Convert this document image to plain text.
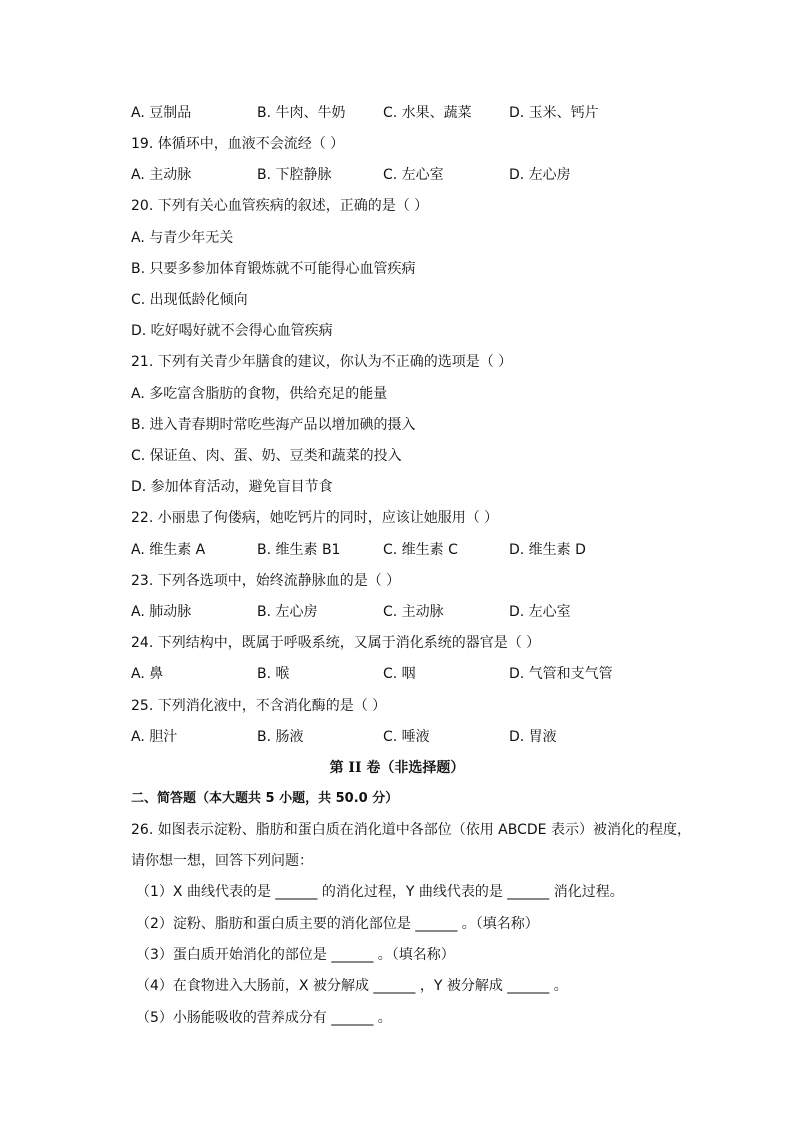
A. 豆制品	B. 牛肉、牛奶	C. 水果、蔬菜	D. 玉米、钙片
19. 体循环中，血液不会流经（ ）
A. 主动脉	B. 下腔静脉	C. 左心室	D. 左心房
20. 下列有关心血管疾病的叙述，正确的是（ ）
A. 与青少年无关
B. 只要多参加体育锻炼就不可能得心血管疾病
C. 出现低龄化倾向
D. 吃好喝好就不会得心血管疾病
21. 下列有关青少年膳食的建议，你认为不正确的选项是（ ）
A. 多吃富含脂肪的食物，供给充足的能量
B. 进入青春期时常吃些海产品以增加碘的摄入
C. 保证鱼、肉、蛋、奶、豆类和蔬菜的投入
D. 参加体育活动，避免盲目节食
22. 小丽患了佝偻病，她吃钙片的同时，应该让她服用（ ）
A. 维生素 A	B. 维生素 B1	C. 维生素 C	D. 维生素 D
23. 下列各选项中，始终流静脉血的是（ ）
A. 肺动脉	B. 左心房	C. 主动脉	D. 左心室
24. 下列结构中，既属于呼吸系统，又属于消化系统的器官是（ ）
A. 鼻	B. 喉	C. 咽	D. 气管和支气管
25. 下列消化液中，不含消化酶的是（ ）
A. 胆汁	B. 肠液	C. 唾液	D. 胃液
第 II 卷（非选择题）
二、简答题（本大题共 5 小题，共 50.0 分）
26. 如图表示淀粉、脂肪和蛋白质在消化道中各部位（依用 ABCDE 表示）被消化的程度，
请你想一想，回答下列问题：
（1）X 曲线代表的是 ______ 的消化过程，Y 曲线代表的是 ______ 消化过程。
（2）淀粉、脂肪和蛋白质主要的消化部位是 ______ 。（填名称）
（3）蛋白质开始消化的部位是 ______ 。（填名称）
（4）在食物进入大肠前，X 被分解成 ______ ，Y 被分解成 ______ 。
（5）小肠能吸收的营养成分有 ______ 。
